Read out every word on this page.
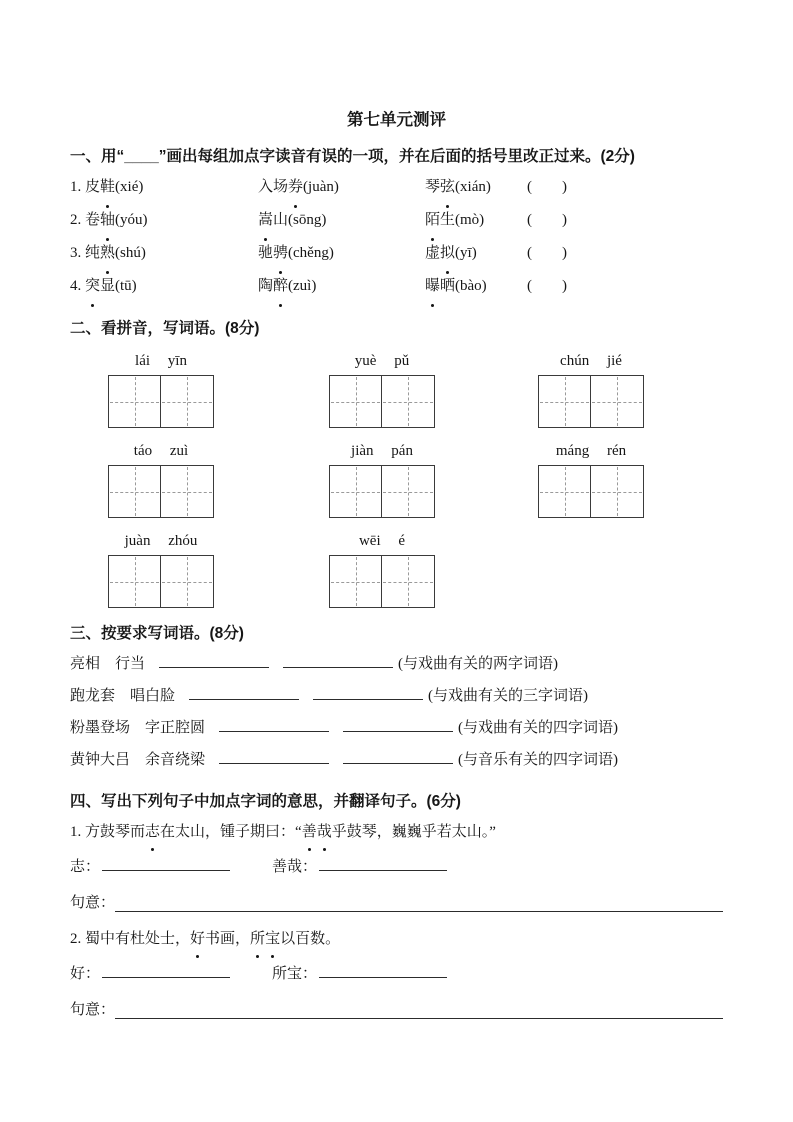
第七单元测评
一、用“____”画出每组加点字读音有误的一项，并在后面的括号里改正过来。(2分)
1. 皮鞋(xié)	入场券(juàn)	琴弦(xián)	(　　)
2. 卷轴(yóu)	嵩山(sōng)	陌生(mò)	(　　)
3. 纯熟(shú)	驰骋(chěng)	虚拟(yī)	(　　)
4. 突显(tū)	陶醉(zuì)	曝晒(bào)	(　　)
二、看拼音，写词语。(8分)
lái yīn	yuè pǔ	chún jié
táo zuì	jiàn pán	máng rén
juàn zhóu	wēi é
三、按要求写词语。(8分)
亮相　行当	(与戏曲有关的两字词语)
跑龙套　唱白脸	(与戏曲有关的三字词语)
粉墨登场　字正腔圆	(与戏曲有关的四字词语)
黄钟大吕　余音绕梁	(与音乐有关的四字词语)
四、写出下列句子中加点字词的意思，并翻译句子。(6分)
1. 方鼓琴而志在太山，锺子期曰：“善哉乎鼓琴，巍巍乎若太山。”
志：	善哉：
句意：
2. 蜀中有杜处士，好书画，所宝以百数。
好：	所宝：
句意：
